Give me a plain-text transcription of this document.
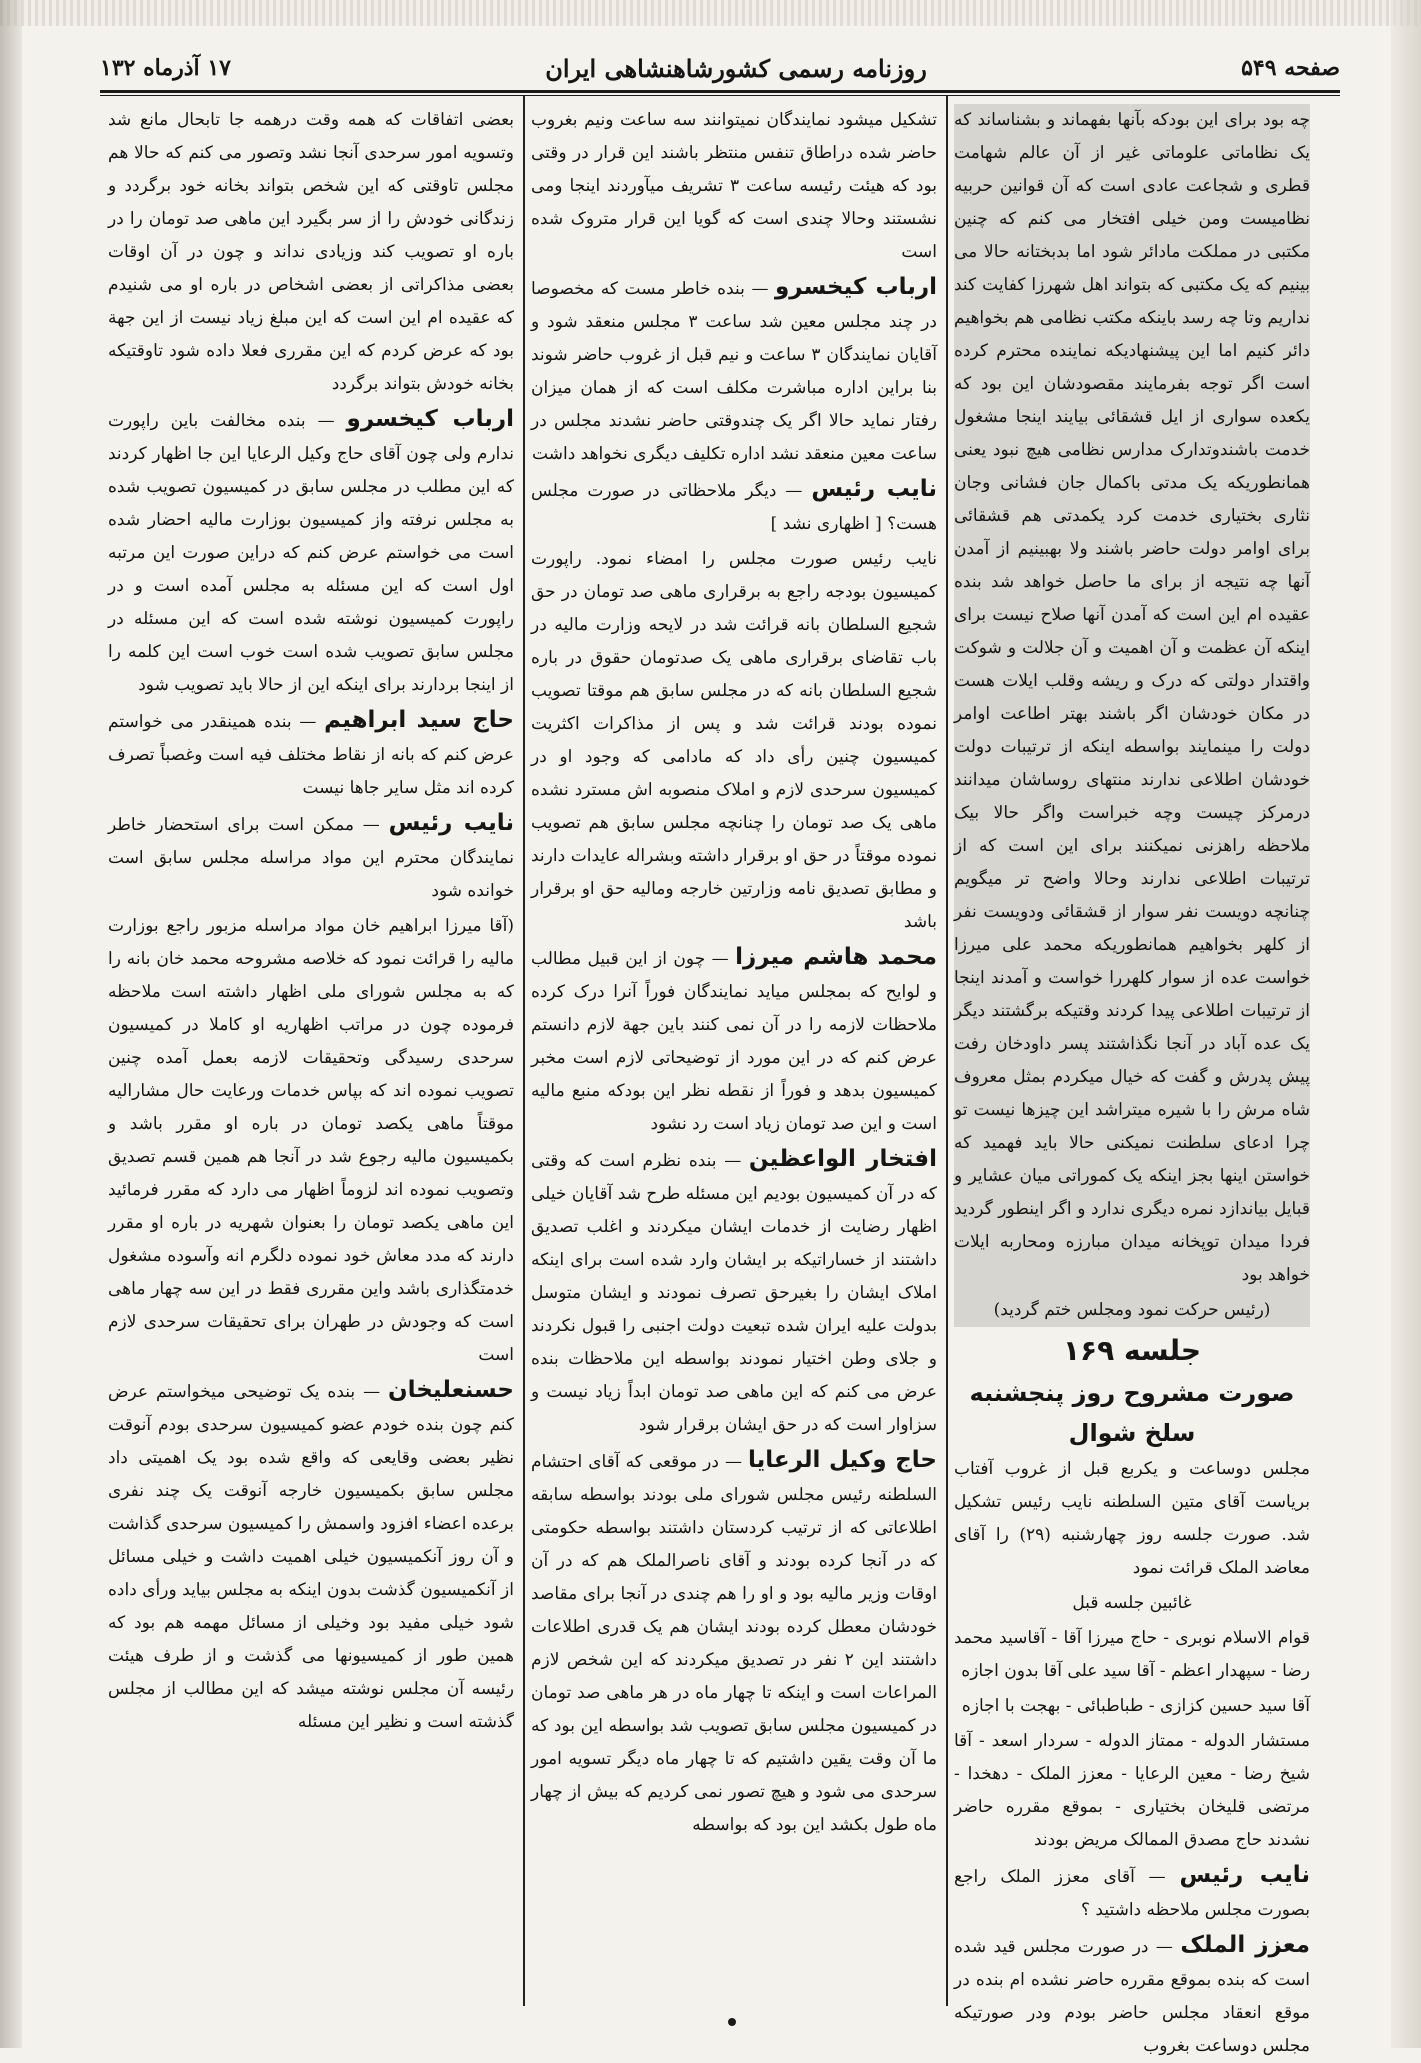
صفحه ۵۴۹
روزنامه رسمی کشورشاهنشاهی ایران
۱۷ آذرماه ۱۳۲

چه بود برای این بودکه بآنها بفهماند و بشناساند که یک نظاماتی علوماتی غیر از آن عالم شهامت قطری و شجاعت عادی است که آن قوانین حربیه نظامیست ومن خیلی افتخار می کنم که چنین مکتبی در مملکت مادائر شود اما بدبختانه حالا می بینیم که یک مکتبی که بتواند اهل شهرزا کفایت کند نداریم وتا چه رسد باینکه مکتب نظامی هم بخواهیم دائر کنیم اما این پیشنهادیکه نماینده محترم کرده است اگر توجه بفرمایند مقصودشان این بود که یکعده سواری از ایل قشقائی بیایند اینجا مشغول خدمت باشندوتدارک مدارس نظامی هیچ نبود یعنی همانطوریکه یک مدتی باکمال جان فشانی وجان نثاری بختیاری خدمت کرد یکمدتی هم قشقائی برای اوامر دولت حاضر باشند ولا بهبینیم از آمدن آنها چه نتیجه از برای ما حاصل خواهد شد بنده عقیده ام این است که آمدن آنها صلاح نیست برای اینکه آن عظمت و آن اهمیت و آن جلالت و شوکت واقتدار دولتی که درک و ریشه وقلب ایلات هست در مکان خودشان اگر باشند بهتر اطاعت اوامر دولت را مینمایند بواسطه اینکه از ترتیبات دولت خودشان اطلاعی ندارند منتهای روساشان میدانند درمرکز چیست وچه خبراست واگر حالا بیک ملاحظه راهزنی نمیکنند برای این است که از ترتیبات اطلاعی ندارند وحالا واضح تر میگویم چنانچه دویست نفر سوار از قشقائی ودویست نفر از کلهر بخواهیم همانطوریکه محمد علی میرزا خواست عده از سوار کلهررا خواست و آمدند اینجا از ترتیبات اطلاعی پیدا کردند وقتیکه برگشتند دیگر یک عده آباد در آنجا نگذاشتند پسر داودخان رفت پیش پدرش و گفت که خیال میکردم بمثل معروف شاه مرش را با شیره میتراشد این چیزها نیست تو چرا ادعای سلطنت نمیکنی حالا باید فهمید که خواستن اینها بجز اینکه یک کموراتی میان عشایر و قبایل بیاندازد نمره دیگری ندارد و اگر اینطور گردید فردا میدان توپخانه میدان مبارزه ومحاربه ایلات خواهد بود

(رئیس حرکت نمود ومجلس ختم گردید)

جلسه ۱۶۹
صورت مشروح روز پنجشنبه سلخ شوال

مجلس دوساعت و یکربع قبل از غروب آفتاب بریاست آقای متین السلطنه نایب رئیس تشکیل شد. صورت جلسه روز چهارشنبه (۲۹) را آقای معاضد الملک قرائت نمود

غائبین جلسه قبل

قوام الاسلام نوبری - حاج میرزا آقا - آقاسید محمد رضا - سپهدار اعظم - آقا سید علی آقا بدون اجازه

آقا سید حسین کزازی - طباطبائی - بهجت با اجازه

مستشار الدوله - ممتاز الدوله - سردار اسعد - آقا شیخ رضا - معین الرعایا - معزز الملک - دهخدا - مرتضی قلیخان بختیاری - بموقع مقرره حاضر نشدند حاج مصدق الممالک مریض بودند

نایب رئیس — آقای معزز الملک راجع بصورت مجلس ملاحظه داشتید ؟

معزز الملک — در صورت مجلس قید شده است که بنده بموقع مقرره حاضر نشده ام بنده در موقع انعقاد مجلس حاضر بودم ودر صورتیکه مجلس دوساعت بغروب

تشکیل میشود نمایندگان نمیتوانند سه ساعت ونیم بغروب حاضر شده دراطاق تنفس منتظر باشند این قرار در وقتی بود که هیئت رئیسه ساعت ۳ تشریف میآوردند اینجا ومی نشستند وحالا چندی است که گویا این قرار متروک شده است

ارباب کیخسرو — بنده خاطر مست که مخصوصا در چند مجلس معین شد ساعت ۳ مجلس منعقد شود و آقایان نمایندگان ۳ ساعت و نیم قبل از غروب حاضر شوند بنا براین اداره مباشرت مکلف است که از همان میزان رفتار نماید حالا اگر یک چندوقتی حاضر نشدند مجلس در ساعت معین منعقد نشد اداره تکلیف دیگری نخواهد داشت

نایب رئیس — دیگر ملاحظاتی در صورت مجلس هست؟ [ اظهاری نشد ]

نایب رئیس صورت مجلس را امضاء نمود. راپورت کمیسیون بودجه راجع به برقراری ماهی صد تومان در حق شجیع السلطان بانه قرائت شد در لایحه وزارت مالیه در باب تقاضای برقراری ماهی یک صدتومان حقوق در باره شجیع السلطان بانه که در مجلس سابق هم موقتا تصویب نموده بودند قرائت شد و پس از مذاکرات اکثریت کمیسیون چنین رأی داد که مادامی که وجود او در کمیسیون سرحدی لازم و املاک منصوبه اش مسترد نشده ماهی یک صد تومان را چنانچه مجلس سابق هم تصویب نموده موقتاً در حق او برقرار داشته وبشراله عایدات دارند و مطابق تصدیق نامه وزارتین خارجه ومالیه حق او برقرار باشد

محمد هاشم میرزا — چون از این قبیل مطالب و لوایح که بمجلس میاید نمایندگان فوراً آنرا درک کرده ملاحظات لازمه را در آن نمی کنند باین جهة لازم دانستم عرض کنم که در این مورد از توضیحاتی لازم است مخبر کمیسیون بدهد و فوراً از نقطه نظر این بودکه منبع مالیه است و این صد تومان زیاد است رد نشود

افتخار الواعظین — بنده نظرم است که وقتی که در آن کمیسیون بودیم این مسئله طرح شد آقایان خیلی اظهار رضایت از خدمات ایشان میکردند و اغلب تصدیق داشتند از خساراتیکه بر ایشان وارد شده است برای اینکه املاک ایشان را بغیرحق تصرف نمودند و ایشان متوسل بدولت علیه ایران شده تبعیت دولت اجنبی را قبول نکردند و جلای وطن اختیار نمودند بواسطه این ملاحظات بنده عرض می کنم که این ماهی صد تومان ابداً زیاد نیست و سزاوار است که در حق ایشان برقرار شود

حاج وکیل الرعایا — در موقعی که آقای احتشام السلطنه رئیس مجلس شورای ملی بودند بواسطه سابقه اطلاعاتی که از ترتیب کردستان داشتند بواسطه حکومتی که در آنجا کرده بودند و آقای ناصرالملک هم که در آن اوقات وزیر مالیه بود و او را هم چندی در آنجا برای مقاصد خودشان معطل کرده بودند ایشان هم یک قدری اطلاعات داشتند این ۲ نفر در تصدیق میکردند که این شخص لازم المراعات است و اینکه تا چهار ماه در هر ماهی صد تومان در کمیسیون مجلس سابق تصویب شد بواسطه این بود که ما آن وقت یقین داشتیم که تا چهار ماه دیگر تسویه امور سرحدی می شود و هیچ تصور نمی کردیم که بیش از چهار ماه طول بکشد این بود که بواسطه

بعضی اتفاقات که همه وقت درهمه جا تابحال مانع شد وتسویه امور سرحدی آنجا نشد وتصور می کنم که حالا هم مجلس تاوقتی که این شخص بتواند بخانه خود برگردد و زندگانی خودش را از سر بگیرد این ماهی صد تومان را در باره او تصویب کند وزیادی نداند و چون در آن اوقات بعضی مذاکراتی از بعضی اشخاص در باره او می شنیدم که عقیده ام این است که این مبلغ زیاد نیست از این جهة بود که عرض کردم که این مقرری فعلا داده شود تاوقتیکه بخانه خودش بتواند برگردد

ارباب کیخسرو — بنده مخالفت باین راپورت ندارم ولی چون آقای حاج وکیل الرعایا این جا اظهار کردند که این مطلب در مجلس سابق در کمیسیون تصویب شده به مجلس نرفته واز کمیسیون بوزارت مالیه احضار شده است می خواستم عرض کنم که دراین صورت این مرتبه اول است که این مسئله به مجلس آمده است و در راپورت کمیسیون نوشته شده است که این مسئله در مجلس سابق تصویب شده است خوب است این کلمه را از اینجا بردارند برای اینکه این از حالا باید تصویب شود

حاج سید ابراهیم — بنده همینقدر می خواستم عرض کنم که بانه از نقاط مختلف فیه است وغصباً تصرف کرده اند مثل سایر جاها نیست

نایب رئیس — ممکن است برای استحضار خاطر نمایندگان محترم این مواد مراسله مجلس سابق است خوانده شود

(آقا میرزا ابراهیم خان مواد مراسله مزبور راجع بوزارت مالیه را قرائت نمود که خلاصه مشروحه محمد خان بانه را که به مجلس شورای ملی اظهار داشته است ملاحظه فرموده چون در مراتب اظهاریه او کاملا در کمیسیون سرحدی رسیدگی وتحقیقات لازمه بعمل آمده چنین تصویب نموده اند که بپاس خدمات ورعایت حال مشارالیه موقتاً ماهی یکصد تومان در باره او مقرر باشد و بکمیسیون مالیه رجوع شد در آنجا هم همین قسم تصدیق وتصویب نموده اند لزوماً اظهار می دارد که مقرر فرمائید این ماهی یکصد تومان را بعنوان شهریه در باره او مقرر دارند که مدد معاش خود نموده دلگرم انه وآسوده مشغول خدمتگذاری باشد واین مقرری فقط در این سه چهار ماهی است که وجودش در طهران برای تحقیقات سرحدی لازم است

حسنعلیخان — بنده یک توضیحی میخواستم عرض کنم چون بنده خودم عضو کمیسیون سرحدی بودم آنوقت نظیر بعضی وقایعی که واقع شده بود یک اهمیتی داد مجلس سابق بکمیسیون خارجه آنوقت یک چند نفری برعده اعضاء افزود واسمش را کمیسیون سرحدی گذاشت و آن روز آنکمیسیون خیلی اهمیت داشت و خیلی مسائل از آنکمیسیون گذشت بدون اینکه به مجلس بیاید ورأی داده شود خیلی مفید بود وخیلی از مسائل مهمه هم بود که همین طور از کمیسیونها می گذشت و از طرف هیئت رئیسه آن مجلس نوشته میشد که این مطالب از مجلس گذشته است و نظیر این مسئله
